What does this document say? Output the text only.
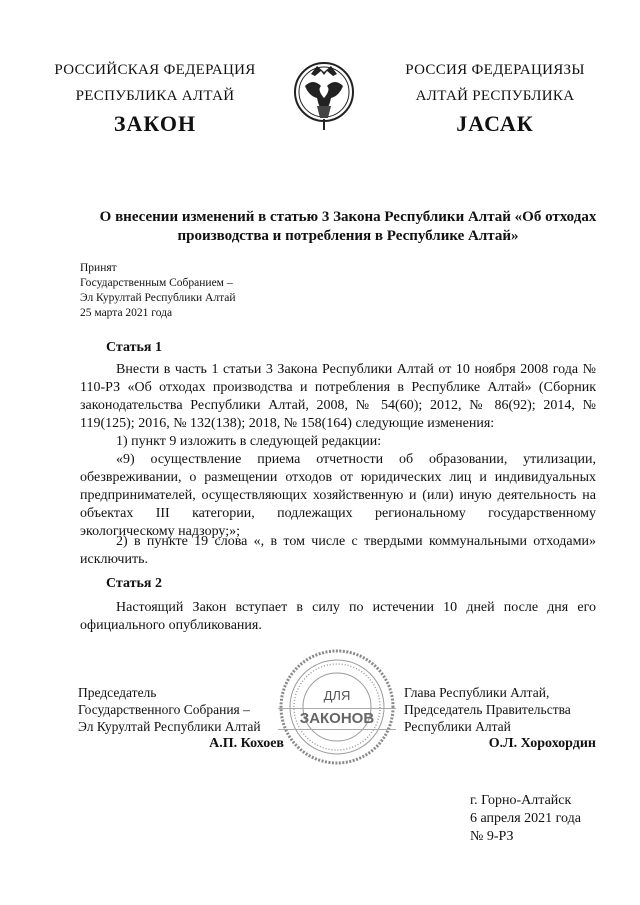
РОССИЙСКАЯ ФЕДЕРАЦИЯ
РЕСПУБЛИКА АЛТАЙ
ЗАКОН
РОССИЯ ФЕДЕРАЦИЯЗЫ
АЛТАЙ РЕСПУБЛИКА
JАСАК
О внесении изменений в статью 3 Закона Республики Алтай «Об отходах производства и потребления в Республике Алтай»
Принят
Государственным Собранием –
Эл Курултай Республики Алтай
25 марта 2021 года
Статья 1
Внести в часть 1 статьи 3 Закона Республики Алтай от 10 ноября 2008 года № 110-РЗ «Об отходах производства и потребления в Республике Алтай» (Сборник законодательства Республики Алтай, 2008, № 54(60); 2012, № 86(92); 2014, № 119(125); 2016, № 132(138); 2018, № 158(164) следующие изменения:
1) пункт 9 изложить в следующей редакции:
«9) осуществление приема отчетности об образовании, утилизации, обезвреживании, о размещении отходов от юридических лиц и индивидуальных предпринимателей, осуществляющих хозяйственную и (или) иную деятельность на объектах III категории, подлежащих региональному государственному экологическому надзору;»;
2) в пункте 19 слова «, в том числе с твердыми коммунальными отходами» исключить.
Статья 2
Настоящий Закон вступает в силу по истечении 10 дней после дня его официального опубликования.
Председатель
Государственного Собрания –
Эл Курултай Республики Алтай
А.П. Кохоев
ДЛЯ
ЗАКОНОВ
Глава Республики Алтай,
Председатель Правительства
Республики Алтай
О.Л. Хорохордин
г. Горно-Алтайск
6 апреля 2021 года
№ 9-РЗ
